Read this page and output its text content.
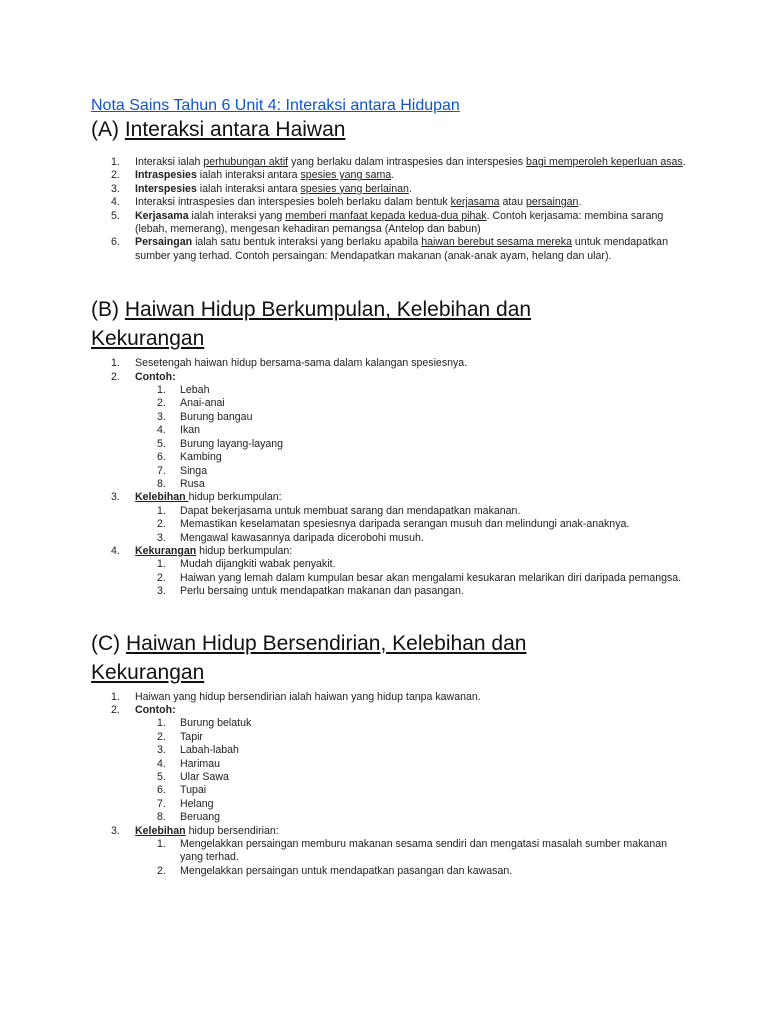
Nota Sains Tahun 6 Unit 4: Interaksi antara Hidupan
(A) Interaksi antara Haiwan
1. Interaksi ialah perhubungan aktif yang berlaku dalam intraspesies dan interspesies bagi memperoleh keperluan asas.
2. Intraspesies ialah interaksi antara spesies yang sama.
3. Interspesies ialah interaksi antara spesies yang berlainan.
4. Interaksi intraspesies dan interspesies boleh berlaku dalam bentuk kerjasama atau persaingan.
5. Kerjasama ialah interaksi yang memberi manfaat kepada kedua-dua pihak. Contoh kerjasama: membina sarang (lebah, memerang), mengesan kehadiran pemangsa (Antelop dan babun)
6. Persaingan ialah satu bentuk interaksi yang berlaku apabila haiwan berebut sesama mereka untuk mendapatkan sumber yang terhad. Contoh persaingan: Mendapatkan makanan (anak-anak ayam, helang dan ular).
(B) Haiwan Hidup Berkumpulan, Kelebihan dan
Kekurangan
1. Sesetengah haiwan hidup bersama-sama dalam kalangan spesiesnya.
2. Contoh:
1. Lebah
2. Anai-anai
3. Burung bangau
4. Ikan
5. Burung layang-layang
6. Kambing
7. Singa
8. Rusa
3. Kelebihan hidup berkumpulan:
1. Dapat bekerjasama untuk membuat sarang dan mendapatkan makanan.
2. Memastikan keselamatan spesiesnya daripada serangan musuh dan melindungi anak-anaknya.
3. Mengawal kawasannya daripada dicerobohi musuh.
4. Kekurangan hidup berkumpulan:
1. Mudah dijangkiti wabak penyakit.
2. Haiwan yang lemah dalam kumpulan besar akan mengalami kesukaran melarikan diri daripada pemangsa.
3. Perlu bersaing untuk mendapatkan makanan dan pasangan.
(C) Haiwan Hidup Bersendirian, Kelebihan dan
Kekurangan
1. Haiwan yang hidup bersendirian ialah haiwan yang hidup tanpa kawanan.
2. Contoh:
1. Burung belatuk
2. Tapir
3. Labah-labah
4. Harimau
5. Ular Sawa
6. Tupai
7. Helang
8. Beruang
3. Kelebihan hidup bersendirian:
1. Mengelakkan persaingan memburu makanan sesama sendiri dan mengatasi masalah sumber makanan yang terhad.
2. Mengelakkan persaingan untuk mendapatkan pasangan dan kawasan.
